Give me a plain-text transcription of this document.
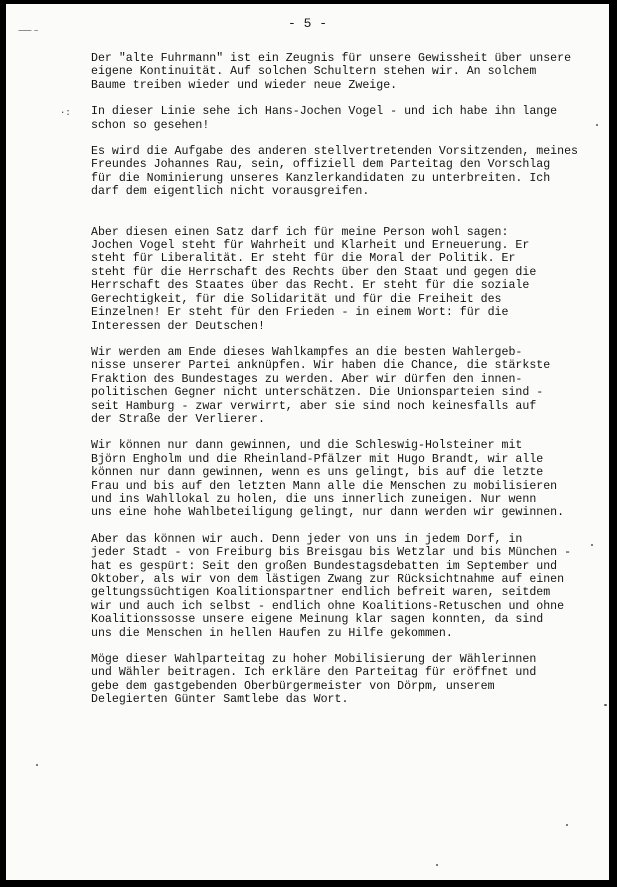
~~~~ ~
- 5 -
·:

Der "alte Fuhrmann" ist ein Zeugnis für unsere Gewissheit über unsere
eigene Kontinuität. Auf solchen Schultern stehen wir. An solchem
Baume treiben wieder und wieder neue Zweige.

In dieser Linie sehe ich Hans-Jochen Vogel - und ich habe ihn lange
schon so gesehen!

Es wird die Aufgabe des anderen stellvertretenden Vorsitzenden, meines
Freundes Johannes Rau, sein, offiziell dem Parteitag den Vorschlag
für die Nominierung unseres Kanzlerkandidaten zu unterbreiten. Ich
darf dem eigentlich nicht vorausgreifen.

Aber diesen einen Satz darf ich für meine Person wohl sagen:
Jochen Vogel steht für Wahrheit und Klarheit und Erneuerung. Er
steht für Liberalität. Er steht für die Moral der Politik. Er
steht für die Herrschaft des Rechts über den Staat und gegen die
Herrschaft des Staates über das Recht. Er steht für die soziale
Gerechtigkeit, für die Solidarität und für die Freiheit des
Einzelnen! Er steht für den Frieden - in einem Wort: für die
Interessen der Deutschen!

Wir werden am Ende dieses Wahlkampfes an die besten Wahlergeb-
nisse unserer Partei anknüpfen. Wir haben die Chance, die stärkste
Fraktion des Bundestages zu werden. Aber wir dürfen den innen-
politischen Gegner nicht unterschätzen. Die Unionsparteien sind -
seit Hamburg - zwar verwirrt, aber sie sind noch keinesfalls auf
der Straße der Verlierer.

Wir können nur dann gewinnen, und die Schleswig-Holsteiner mit
Björn Engholm und die Rheinland-Pfälzer mit Hugo Brandt, wir alle
können nur dann gewinnen, wenn es uns gelingt, bis auf die letzte
Frau und bis auf den letzten Mann alle die Menschen zu mobilisieren
und ins Wahllokal zu holen, die uns innerlich zuneigen. Nur wenn
uns eine hohe Wahlbeteiligung gelingt, nur dann werden wir gewinnen.

Aber das können wir auch. Denn jeder von uns in jedem Dorf, in
jeder Stadt - von Freiburg bis Breisgau bis Wetzlar und bis München -
hat es gespürt: Seit den großen Bundestagsdebatten im September und
Oktober, als wir von dem lästigen Zwang zur Rücksichtnahme auf einen
geltungssüchtigen Koalitionspartner endlich befreit waren, seitdem
wir und auch ich selbst - endlich ohne Koalitions-Retuschen und ohne
Koalitionssosse unsere eigene Meinung klar sagen konnten, da sind
uns die Menschen in hellen Haufen zu Hilfe gekommen.

Möge dieser Wahlparteitag zu hoher Mobilisierung der Wählerinnen
und Wähler beitragen. Ich erkläre den Parteitag für eröffnet und
gebe dem gastgebenden Oberbürgermeister von Dörpm, unserem
Delegierten Günter Samtlebe das Wort.
